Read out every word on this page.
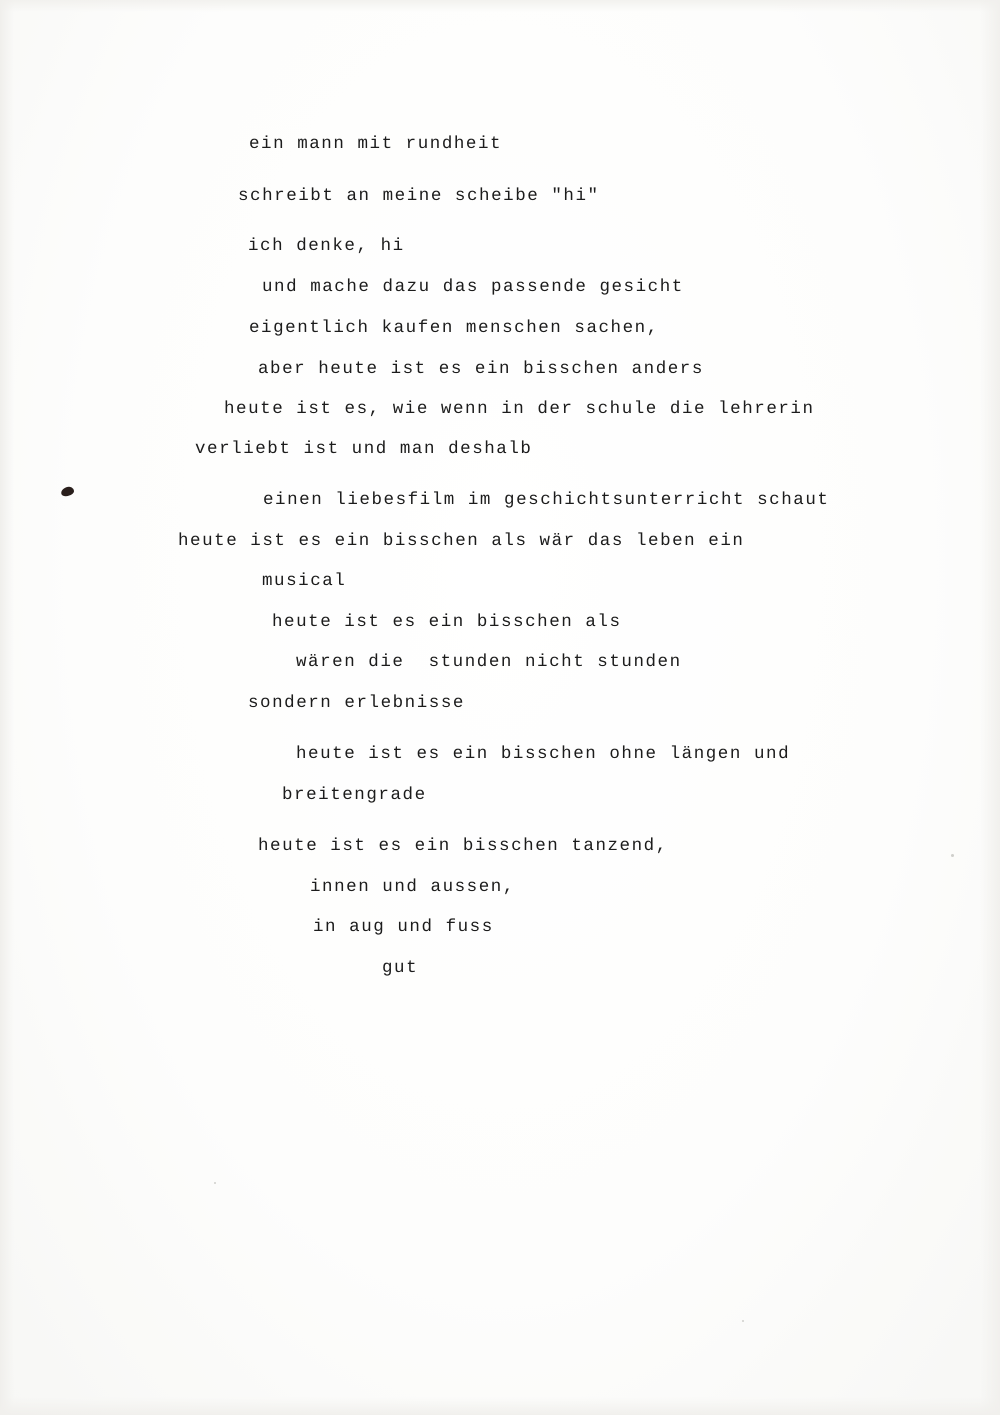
ein mann mit rundheit
schreibt an meine scheibe "hi"
ich denke, hi
und mache dazu das passende gesicht
eigentlich kaufen menschen sachen,
aber heute ist es ein bisschen anders
heute ist es, wie wenn in der schule die lehrerin
verliebt ist und man deshalb
einen liebesfilm im geschichtsunterricht schaut
heute ist es ein bisschen als wär das leben ein
musical
heute ist es ein bisschen als
wären die  stunden nicht stunden
sondern erlebnisse
heute ist es ein bisschen ohne längen und
breitengrade
heute ist es ein bisschen tanzend,
innen und aussen,
in aug und fuss
gut
